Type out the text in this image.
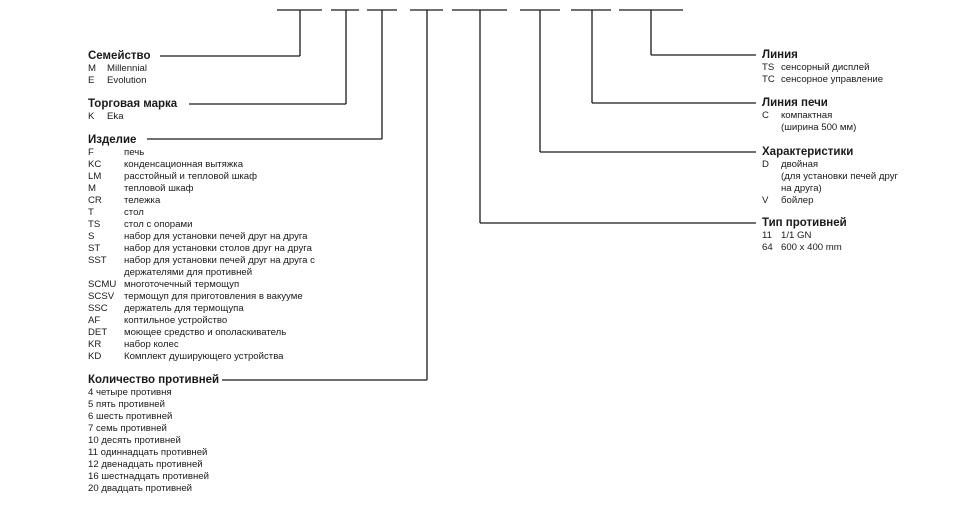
Семейство
M	Millennial
E	Evolution
Торговая марка
K	Eka
Изделие
F	печь
KC	конденсационная вытяжка
LM	расстойный и тепловой шкаф
M	тепловой шкаф
CR	тележка
T	стол
TS	стол с опорами
S	набор для установки печей друг на друга
ST	набор для установки столов друг на друга
SST	набор для установки печей друг на друга с
держателями для противней
SCMU многоточечный термощуп
SCSV	термощуп для приготовления в вакууме
SSC	держатель для термощупа
AF	коптильное устройство
DET	моющее средство и ополаскиватель
KR	набор колес
KD	Комплект душирующего устройства
Количество противней
4 четыре противня
5 пять противней
6 шесть противней
7 семь противней
10 десять противней
11 одиннадцать противней
12 двенадцать противней
16 шестнадцать противней
20 двадцать противней
Линия
TS сенсорный дисплей
TC сенсорное управление
Линия печи
C	компактная
(ширина 500 мм)
Характеристики
D	двойная
(для установки печей друг
на друга)
V	бойлер
Тип противней
11 1/1 GN
64 600 x 400 mm
